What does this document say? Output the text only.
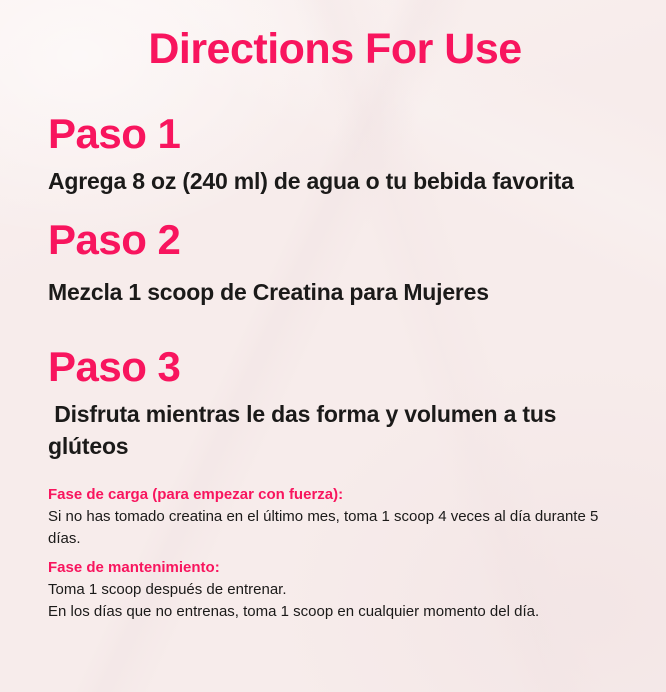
Directions For Use
Paso 1

Agrega 8 oz (240 ml) de agua o tu bebida favorita

Paso 2

Mezcla 1 scoop de Creatina para Mujeres

Paso 3

Disfruta mientras le das forma y volumen a tus glúteos

Fase de carga (para empezar con fuerza):

Si no has tomado creatina en el último mes, toma 1 scoop 4 veces al día durante 5 días.

Fase de mantenimiento:

Toma 1 scoop después de entrenar.

En los días que no entrenas, toma 1 scoop en cualquier momento del día.
